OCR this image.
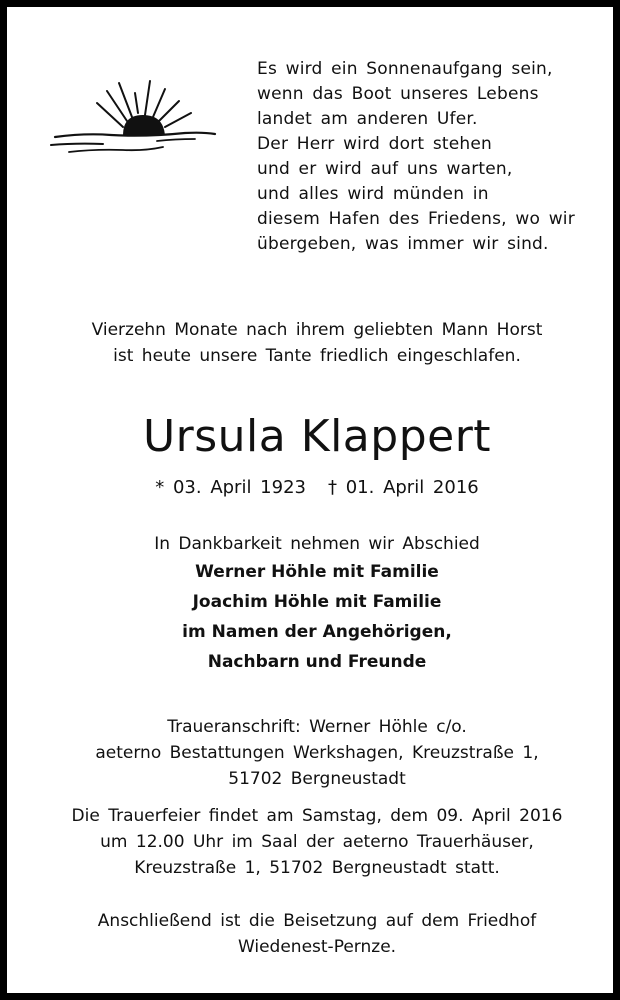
Es wird ein Sonnenaufgang sein,
wenn das Boot unseres Lebens
landet am anderen Ufer.
Der Herr wird dort stehen
und er wird auf uns warten,
und alles wird münden in
diesem Hafen des Friedens, wo wir
übergeben, was immer wir sind.
Vierzehn Monate nach ihrem geliebten Mann Horst
ist heute unsere Tante friedlich eingeschlafen.
Ursula Klappert
* 03. April 1923 † 01. April 2016
In Dankbarkeit nehmen wir Abschied
Werner Höhle mit Familie
Joachim Höhle mit Familie
im Namen der Angehörigen,
Nachbarn und Freunde
Traueranschrift: Werner Höhle c/o.
aeterno Bestattungen Werkshagen, Kreuzstraße 1,
51702 Bergneustadt
Die Trauerfeier findet am Samstag, dem 09. April 2016
um 12.00 Uhr im Saal der aeterno Trauerhäuser,
Kreuzstraße 1, 51702 Bergneustadt statt.
Anschließend ist die Beisetzung auf dem Friedhof
Wiedenest-Pernze.
